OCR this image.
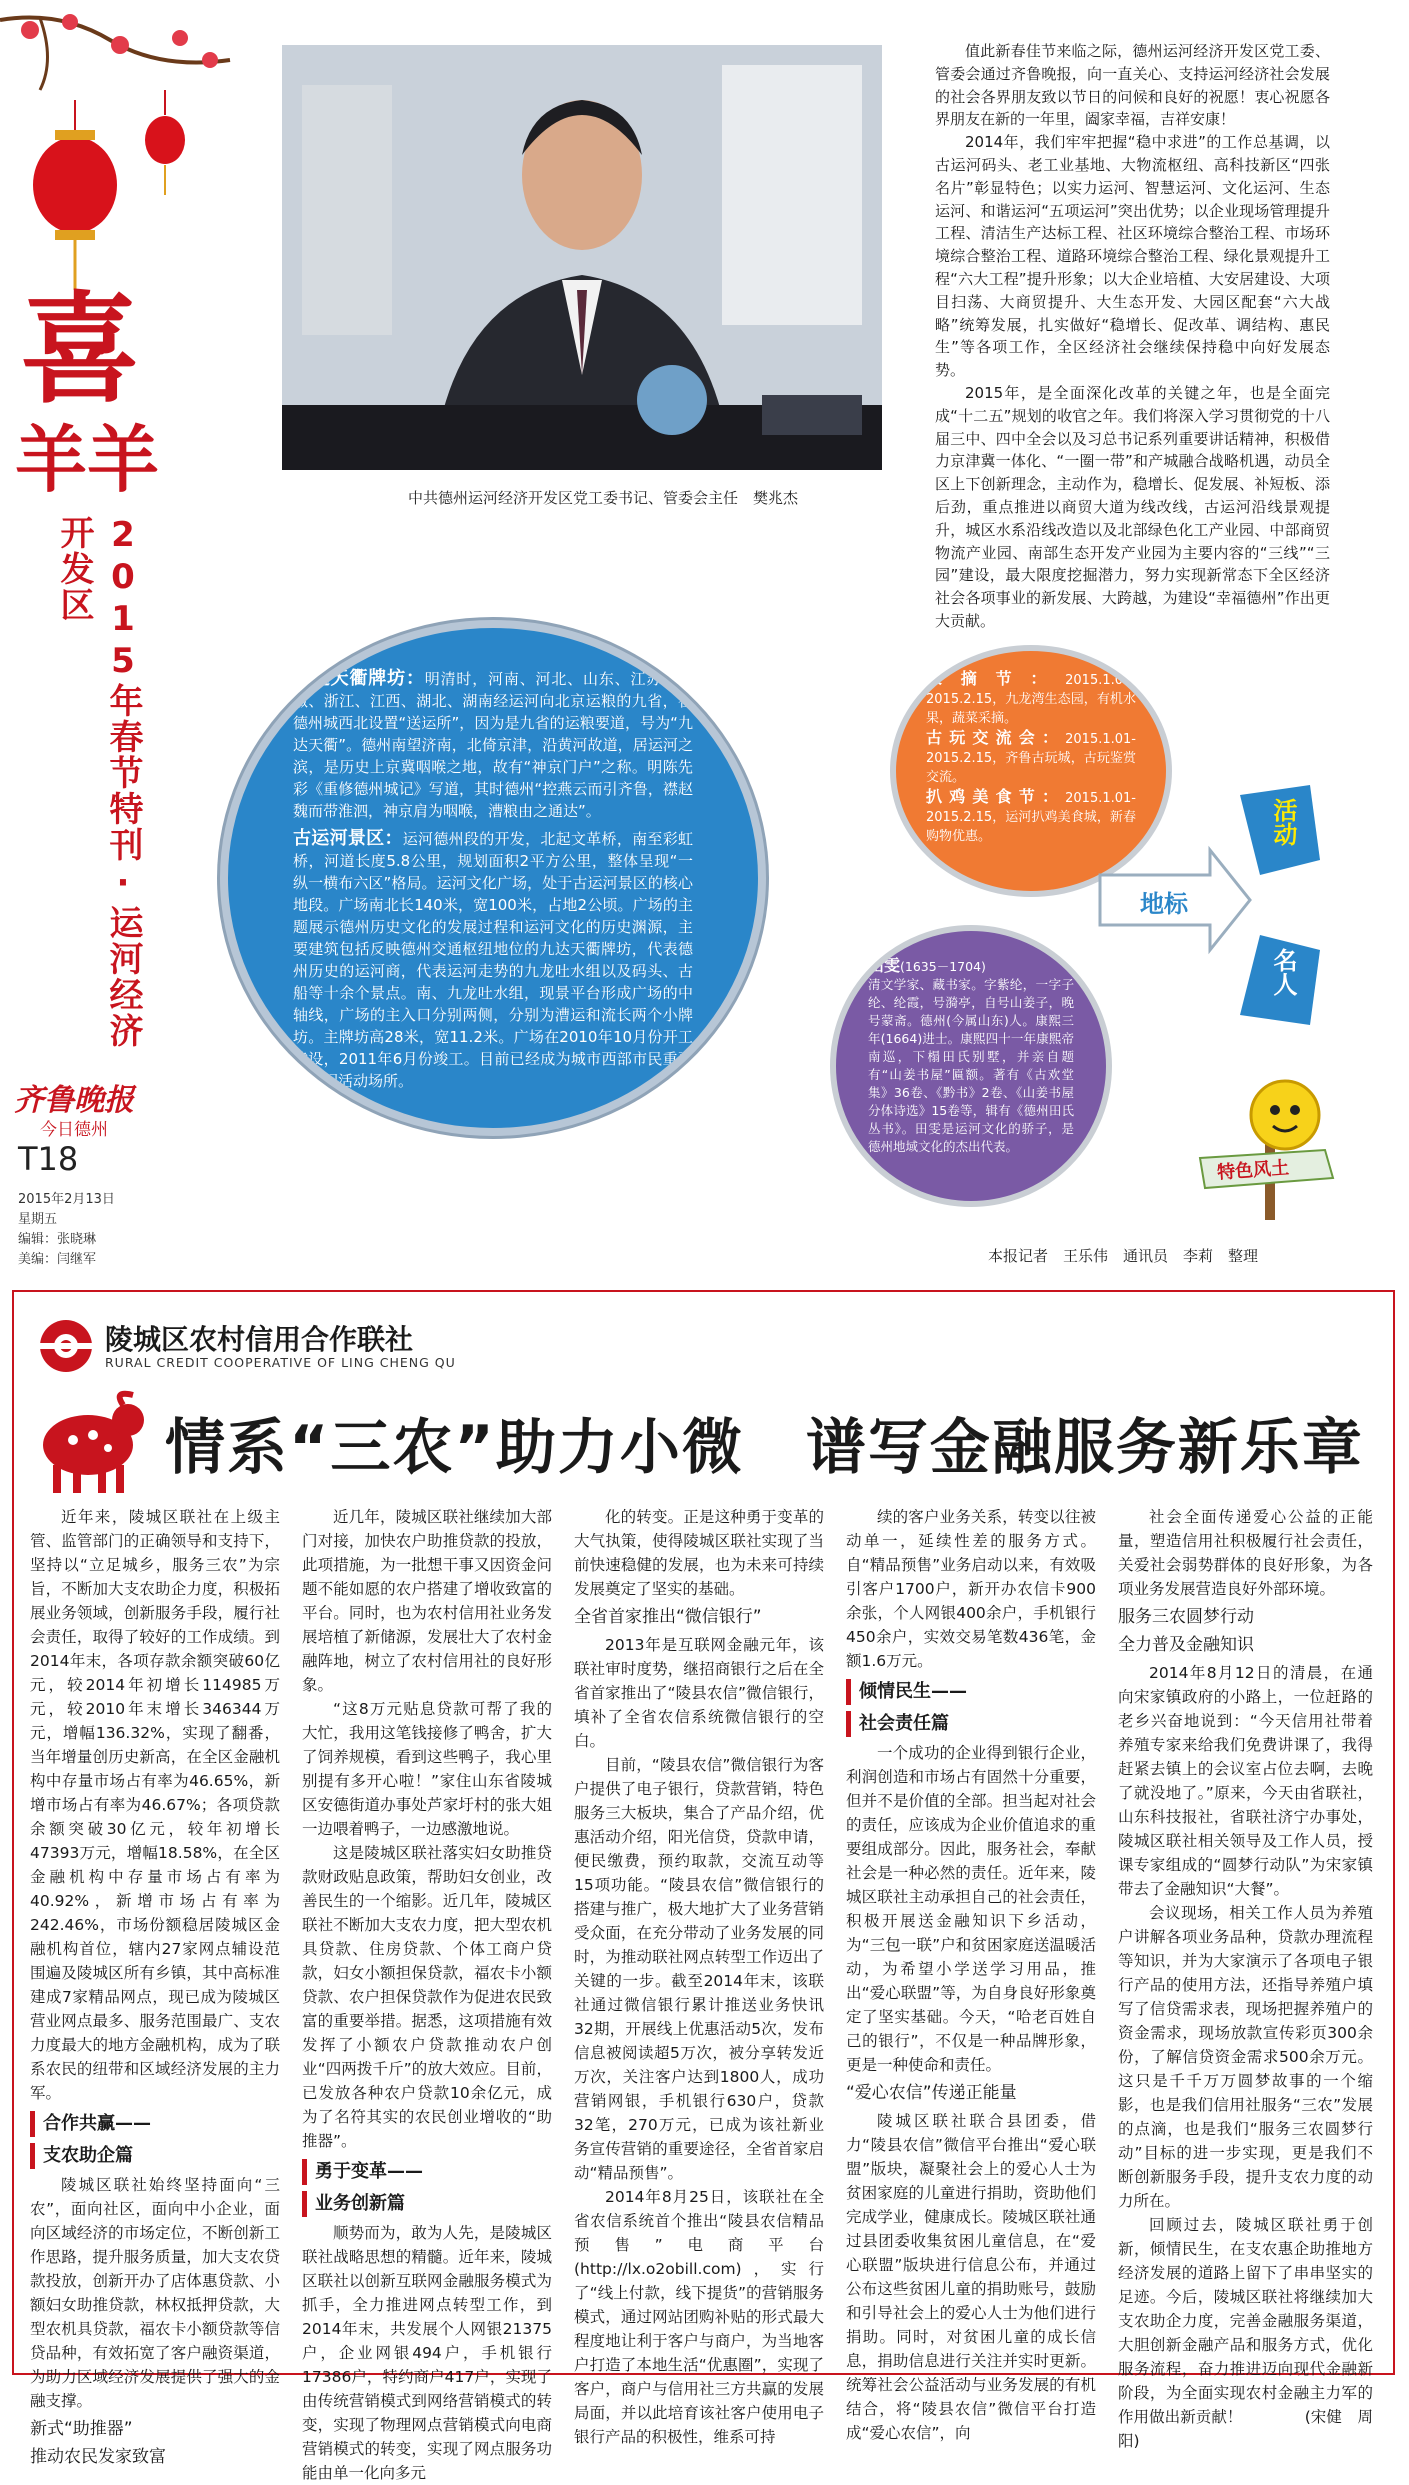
喜
羊羊
2015年春节特刊·运河经济开发区
齐鲁晚报
今日德州
T18
2015年2月13日
星期五
编辑：张晓琳
美编：闫继军
中共德州运河经济开发区党工委书记、管委会主任　樊兆杰

值此新春佳节来临之际，德州运河经济开发区党工委、管委会通过齐鲁晚报，向一直关心、支持运河经济社会发展的社会各界朋友致以节日的问候和良好的祝愿！衷心祝愿各界朋友在新的一年里，阖家幸福，吉祥安康！

2014年，我们牢牢把握“稳中求进”的工作总基调，以古运河码头、老工业基地、大物流枢纽、高科技新区“四张名片”彰显特色；以实力运河、智慧运河、文化运河、生态运河、和谐运河“五项运河”突出优势；以企业现场管理提升工程、清洁生产达标工程、社区环境综合整治工程、市场环境综合整治工程、道路环境综合整治工程、绿化景观提升工程“六大工程”提升形象；以大企业培植、大安居建设、大项目扫荡、大商贸提升、大生态开发、大园区配套“六大战略”统筹发展，扎实做好“稳增长、促改革、调结构、惠民生”等各项工作，全区经济社会继续保持稳中向好发展态势。

2015年，是全面深化改革的关键之年，也是全面完成“十二五”规划的收官之年。我们将深入学习贯彻党的十八届三中、四中全会以及习总书记系列重要讲话精神，积极借力京津冀一体化、“一圈一带”和产城融合战略机遇，动员全区上下创新理念，主动作为，稳增长、促发展、补短板、添后劲，重点推进以商贸大道为线改线，古运河沿线景观提升，城区水系沿线改造以及北部绿色化工产业园、中部商贸物流产业园、南部生态开发产业园为主要内容的“三线”“三园”建设，最大限度挖掘潜力，努力实现新常态下全区经济社会各项事业的新发展、大跨越，为建设“幸福德州”作出更大贡献。

九达天衢牌坊：明清时，河南、河北、山东、江苏、安徽、浙江、江西、湖北、湖南经运河向北京运粮的九省，在德州城西北设置“送运所”，因为是九省的运粮要道，号为“九达天衢”。德州南望济南，北倚京津，沿黄河故道，居运河之滨，是历史上京冀咽喉之地，故有“神京门户”之称。明陈先彩《重修德州城记》写道，其时德州“控燕云而引齐鲁，襟赵魏而带淮泗，神京肩为咽喉，漕粮由之通达”。

古运河景区：运河德州段的开发，北起文革桥，南至彩虹桥，河道长度5.8公里，规划面积2平方公里，整体呈现“一纵一横布六区”格局。运河文化广场，处于古运河景区的核心地段。广场南北长140米，宽100米，占地2公顷。广场的主题展示德州历史文化的发展过程和运河文化的历史渊源，主要建筑包括反映德州交通枢纽地位的九达天衢牌坊，代表德州历史的运河商，代表运河走势的九龙吐水组以及码头、古船等十余个景点。南、九龙吐水组，现景平台形成广场的中轴线，广场的主入口分别两侧，分别为漕运和流长两个小牌坊。主牌坊高28米，宽11.2米。广场在2010年10月份开工建设，2011年6月份竣工。目前已经成为城市西部市民重要的休闲活动场所。

采摘节：2015.1.01-2015.2.15，九龙湾生态园，有机水果，蔬菜采摘。

古玩交流会：2015.1.01-2015.2.15，齐鲁古玩城，古玩鉴赏交流。

扒鸡美食节：2015.1.01-2015.2.15，运河扒鸡美食城，新春购物优惠。

田雯(1635－1704)

清文学家、藏书家。字紫纶，一字子纶、纶霞，号漪亭，自号山姜子，晚号蒙斋。德州(今属山东)人。康熙三年(1664)进士。康熙四十一年康熙帝南巡，下榻田氏别墅，并亲自题有“山姜书屋”匾额。著有《古欢堂集》36卷、《黔书》2卷、《山姜书屋分体诗选》15卷等，辑有《德州田氏丛书》。田雯是运河文化的骄子，是德州地域文化的杰出代表。

地标
活动
名人
特色风土
本报记者　王乐伟　通讯员　李莉　整理
陵城区农村信用合作联社
RURAL CREDIT COOPERATIVE OF LING CHENG QU
情系“三农”助力小微　谱写金融服务新乐章

近年来，陵城区联社在上级主管、监管部门的正确领导和支持下，坚持以“立足城乡，服务三农”为宗旨，不断加大支农助企力度，积极拓展业务领域，创新服务手段，履行社会责任，取得了较好的工作成绩。到2014年末，各项存款余额突破60亿元，较2014年初增长114985万元，较2010年末增长346344万元，增幅136.32%，实现了翻番，当年增量创历史新高，在全区金融机构中存量市场占有率为46.65%，新增市场占有率为46.67%；各项贷款余额突破30亿元，较年初增长47393万元，增幅18.58%，在全区金融机构中存量市场占有率为40.92%，新增市场占有率为242.46%，市场份额稳居陵城区金融机构首位，辖内27家网点辅设范围遍及陵城区所有乡镇，其中高标准建成7家精品网点，现已成为陵城区营业网点最多、服务范围最广、支农力度最大的地方金融机构，成为了联系农民的纽带和区域经济发展的主力军。

合作共赢——

支农助企篇

陵城区联社始终坚持面向“三农”，面向社区，面向中小企业，面向区域经济的市场定位，不断创新工作思路，提升服务质量，加大支农贷款投放，创新开办了店体惠贷款、小额妇女助推贷款，林权抵押贷款，大型农机具贷款，福农卡小额贷款等信贷品种，有效拓宽了客户融资渠道，为助力区域经济发展提供了强大的金融支撑。

新式“助推器”

推动农民发家致富

近几年，陵城区联社继续加大部门对接，加快农户助推贷款的投放，此项措施，为一批想干事又因资金问题不能如愿的农户搭建了增收致富的平台。同时，也为农村信用社业务发展培植了新储源，发展壮大了农村金融阵地，树立了农村信用社的良好形象。

“这8万元贴息贷款可帮了我的大忙，我用这笔钱接修了鸭舍，扩大了饲养规模，看到这些鸭子，我心里别提有多开心啦！”家住山东省陵城区安德街道办事处芦家圩村的张大姐一边喂着鸭子，一边感激地说。

这是陵城区联社落实妇女助推贷款财政贴息政策，帮助妇女创业，改善民生的一个缩影。近几年，陵城区联社不断加大支农力度，把大型农机具贷款、住房贷款、个体工商户贷款，妇女小额担保贷款，福农卡小额贷款、农户担保贷款作为促进农民致富的重要举措。据悉，这项措施有效发挥了小额农户贷款推动农户创业“四两拨千斤”的放大效应。目前，已发放各种农户贷款10余亿元，成为了名符其实的农民创业增收的“助推器”。

勇于变革——

业务创新篇

顺势而为，敢为人先，是陵城区联社战略思想的精髓。近年来，陵城区联社以创新互联网金融服务模式为抓手，全力推进网点转型工作，到2014年末，共发展个人网银21375户，企业网银494户，手机银行17386户，特约商户417户，实现了由传统营销模式到网络营销模式的转变，实现了物理网点营销模式向电商营销模式的转变，实现了网点服务功能由单一化向多元

化的转变。正是这种勇于变革的大气执策，使得陵城区联社实现了当前快速稳健的发展，也为未来可持续发展奠定了坚实的基础。

全省首家推出“微信银行”

2013年是互联网金融元年，该联社审时度势，继招商银行之后在全省首家推出了“陵县农信”微信银行，填补了全省农信系统微信银行的空白。

目前，“陵县农信”微信银行为客户提供了电子银行，贷款营销，特色服务三大板块，集合了产品介绍，优惠活动介绍，阳光信贷，贷款申请，便民缴费，预约取款，交流互动等15项功能。“陵县农信”微信银行的搭建与推广，极大地扩大了业务营销受众面，在充分带动了业务发展的同时，为推动联社网点转型工作迈出了关键的一步。截至2014年末，该联社通过微信银行累计推送业务快讯32期，开展线上优惠活动5次，发布信息被阅读超5万次，被分享转发近万次，关注客户达到1800人，成功营销网银，手机银行630户，贷款32笔，270万元，已成为该社新业务宣传营销的重要途径，全省首家启动“精品预售”。

2014年8月25日，该联社在全省农信系统首个推出“陵县农信精品预售”电商平台(http://lx.o2obill.com)，实行了“线上付款，线下提货”的营销服务模式，通过网站团购补贴的形式最大程度地让利于客户与商户，为当地客户打造了本地生活“优惠圈”，实现了客户，商户与信用社三方共赢的发展局面，并以此培育该社客户使用电子银行产品的积极性，维系可持

续的客户业务关系，转变以往被动单一，延续性差的服务方式。自“精品预售”业务启动以来，有效吸引客户1700户，新开办农信卡900余张，个人网银400余户，手机银行450余户，实效交易笔数436笔，金额1.6万元。

倾情民生——

社会责任篇

一个成功的企业得到银行企业，利润创造和市场占有固然十分重要，但并不是价值的全部。担当起对社会的责任，应该成为企业价值追求的重要组成部分。因此，服务社会，奉献社会是一种必然的责任。近年来，陵城区联社主动承担自己的社会责任，积极开展送金融知识下乡活动，为“三包一联”户和贫困家庭送温暖活动，为希望小学送学习用品，推出“爱心联盟”等，为自身良好形象奠定了坚实基础。今天，“哈老百姓自己的银行”，不仅是一种品牌形象，更是一种使命和责任。

“爱心农信”传递正能量

陵城区联社联合县团委，借力“陵县农信”微信平台推出“爱心联盟”版块，凝聚社会上的爱心人士为贫困家庭的儿童进行捐助，资助他们完成学业，健康成长。陵城区联社通过县团委收集贫困儿童信息，在“爱心联盟”版块进行信息公布，并通过公布这些贫困儿童的捐助账号，鼓励和引导社会上的爱心人士为他们进行捐助。同时，对贫困儿童的成长信息，捐助信息进行关注并实时更新。统筹社会公益活动与业务发展的有机结合，将“陵县农信”微信平台打造成“爱心农信”，向

社会全面传递爱心公益的正能量，塑造信用社积极履行社会责任，关爱社会弱势群体的良好形象，为各项业务发展营造良好外部环境。

服务三农圆梦行动

全力普及金融知识

2014年8月12日的清晨，在通向宋家镇政府的小路上，一位赶路的老乡兴奋地说到：“今天信用社带着养殖专家来给我们免费讲课了，我得赶紧去镇上的会议室占位去啊，去晚了就没地了。”原来，今天由省联社，山东科技报社，省联社济宁办事处，陵城区联社相关领导及工作人员，授课专家组成的“圆梦行动队”为宋家镇带去了金融知识“大餐”。

会议现场，相关工作人员为养殖户讲解各项业务品种，贷款办理流程等知识，并为大家演示了各项电子银行产品的使用方法，还指导养殖户填写了信贷需求表，现场把握养殖户的资金需求，现场放款宣传彩页300余份，了解信贷资金需求500余万元。这只是千千万万圆梦故事的一个缩影，也是我们信用社服务“三农”发展的点滴，也是我们“服务三农圆梦行动”目标的进一步实现，更是我们不断创新服务手段，提升支农力度的动力所在。

回顾过去，陵城区联社勇于创新，倾情民生，在支农惠企助推地方经济发展的道路上留下了串串坚实的足迹。今后，陵城区联社将继续加大支农助企力度，完善金融服务渠道，大胆创新金融产品和服务方式，优化服务流程，奋力推进迈向现代金融新阶段，为全面实现农村金融主力军的作用做出新贡献！　　　　(宋健　周阳)
